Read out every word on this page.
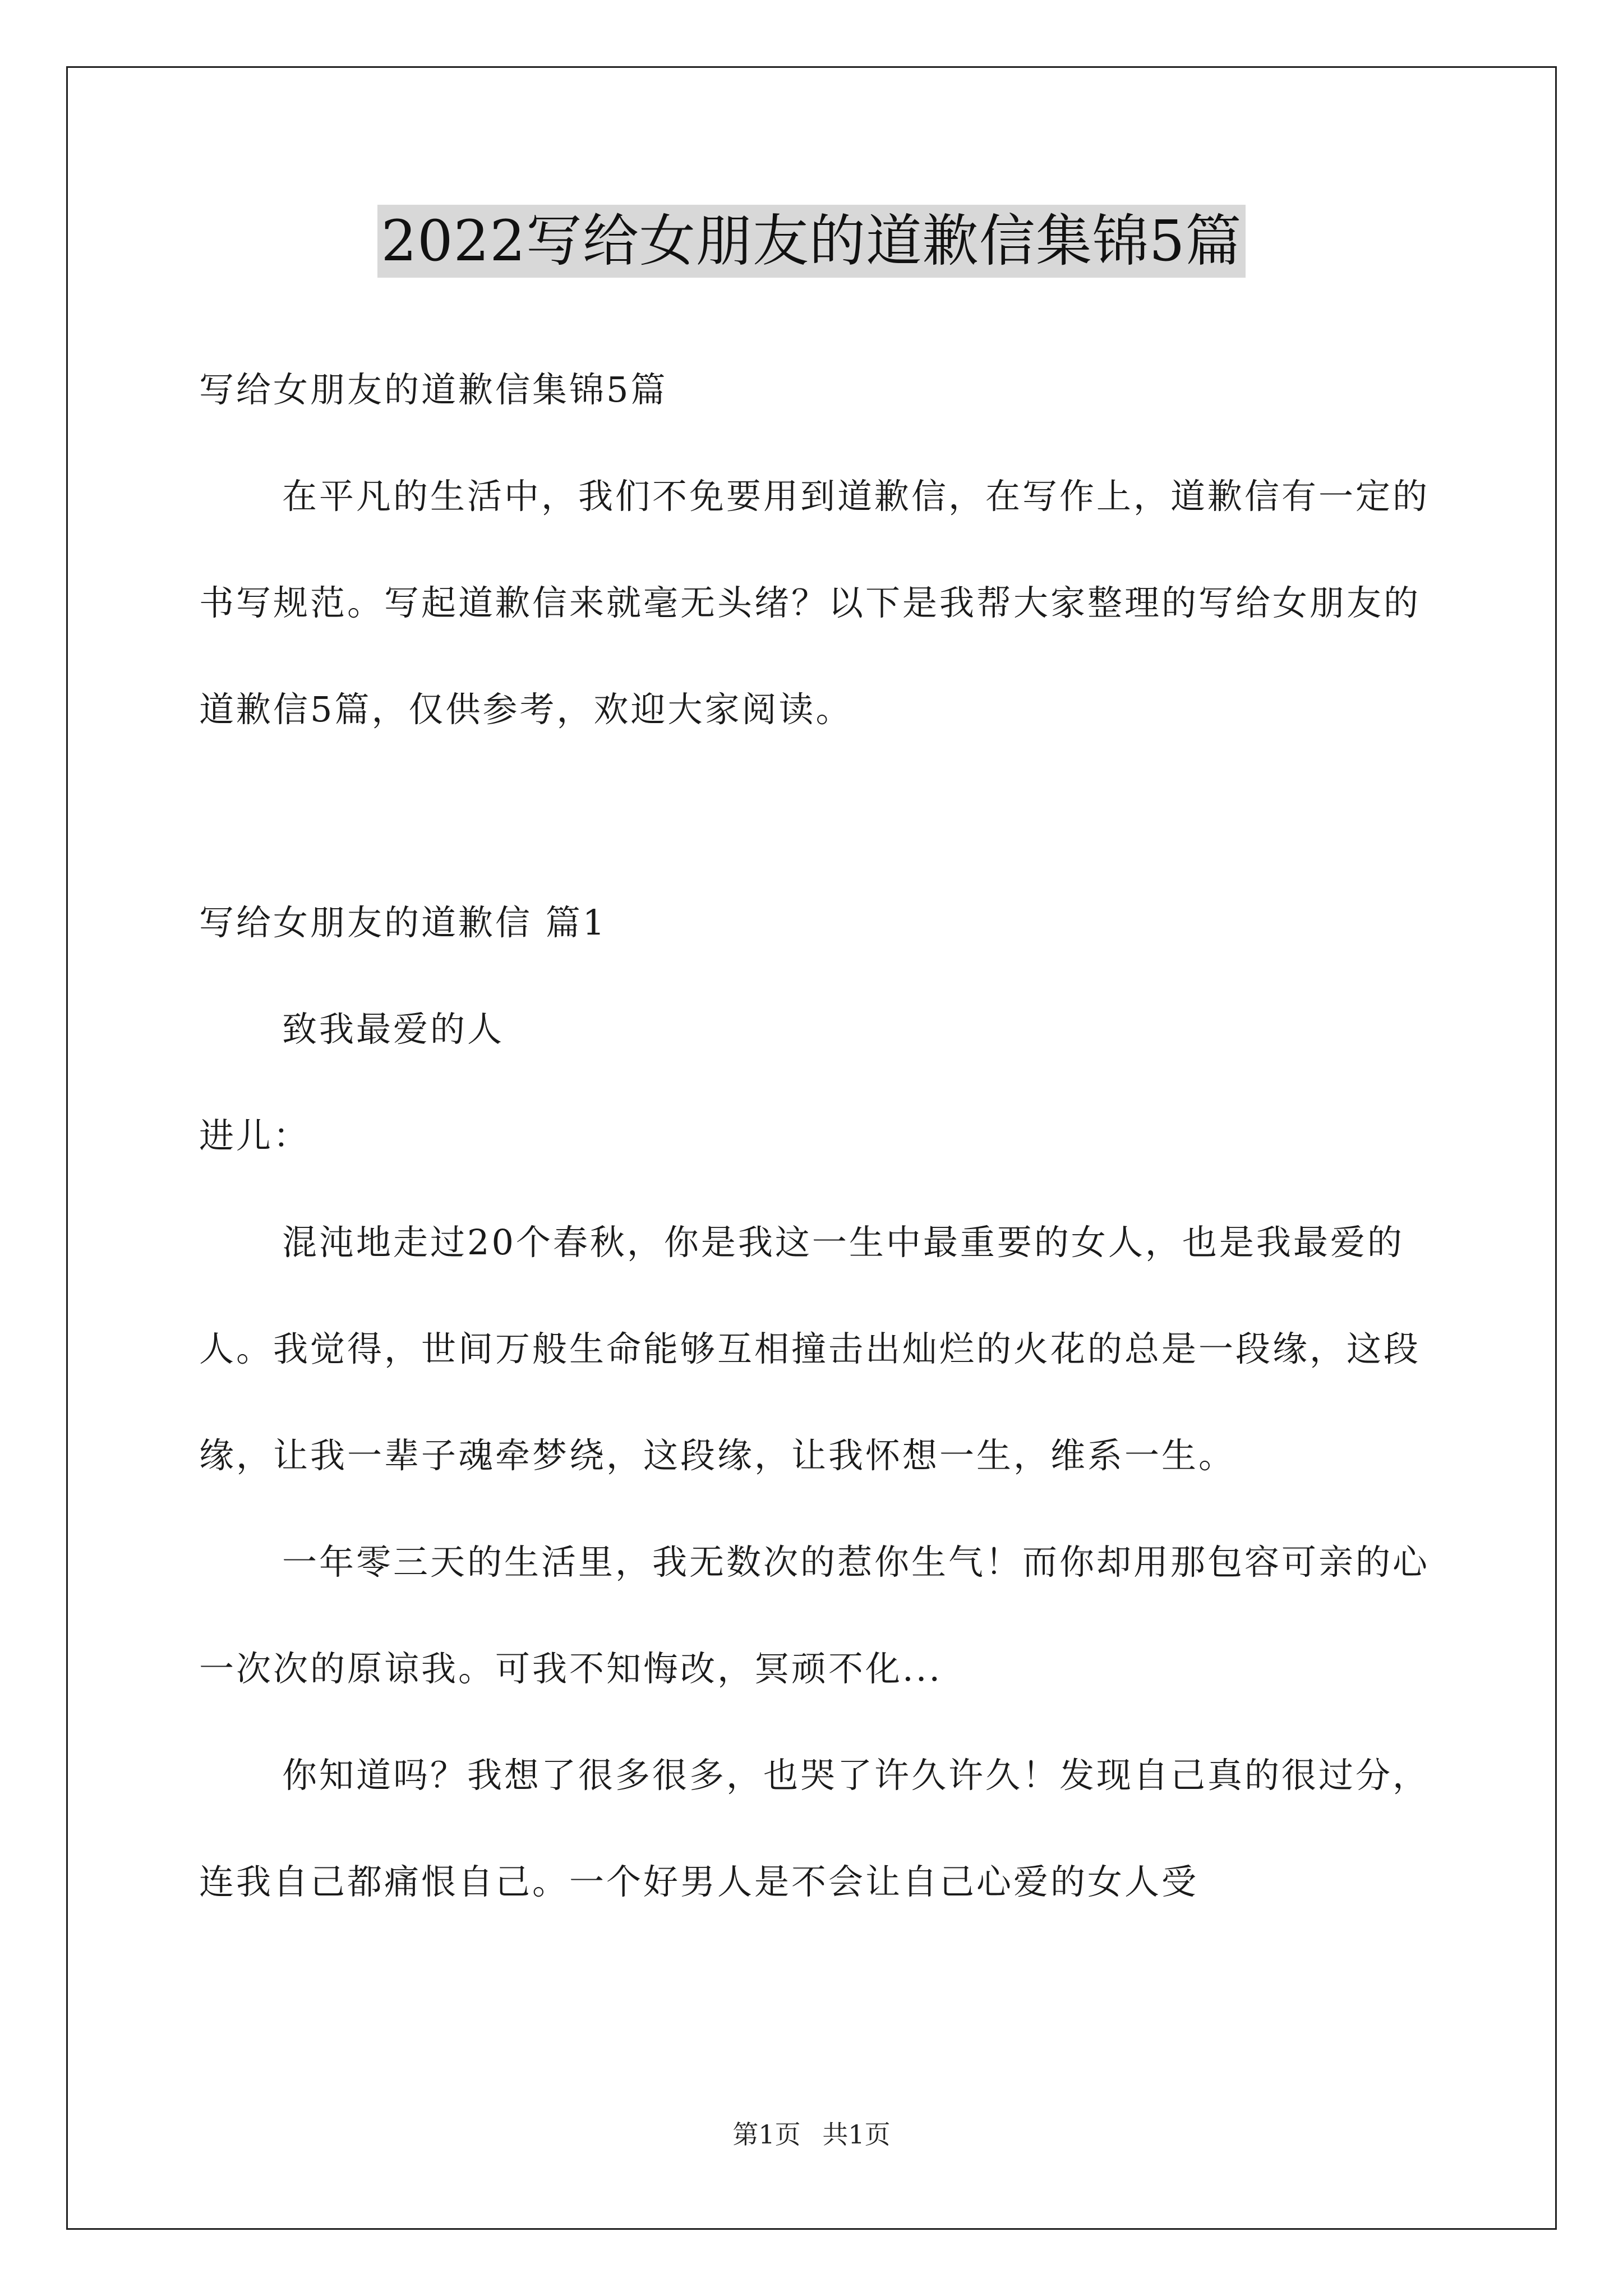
2022写给女朋友的道歉信集锦5篇

写给女朋友的道歉信集锦5篇

在平凡的生活中，我们不免要用到道歉信，在写作上，道歉信有一定的书写规范。写起道歉信来就毫无头绪？以下是我帮大家整理的写给女朋友的道歉信5篇，仅供参考，欢迎大家阅读。

写给女朋友的道歉信 篇1

致我最爱的人

进儿：

混沌地走过20个春秋，你是我这一生中最重要的女人，也是我最爱的人。我觉得，世间万般生命能够互相撞击出灿烂的火花的总是一段缘，这段缘，让我一辈子魂牵梦绕，这段缘，让我怀想一生，维系一生。

一年零三天的生活里，我无数次的惹你生气！而你却用那包容可亲的心一次次的原谅我。可我不知悔改，冥顽不化...

你知道吗？我想了很多很多，也哭了许久许久！发现自己真的很过分，连我自己都痛恨自己。一个好男人是不会让自己心爱的女人受

第1页 共1页
